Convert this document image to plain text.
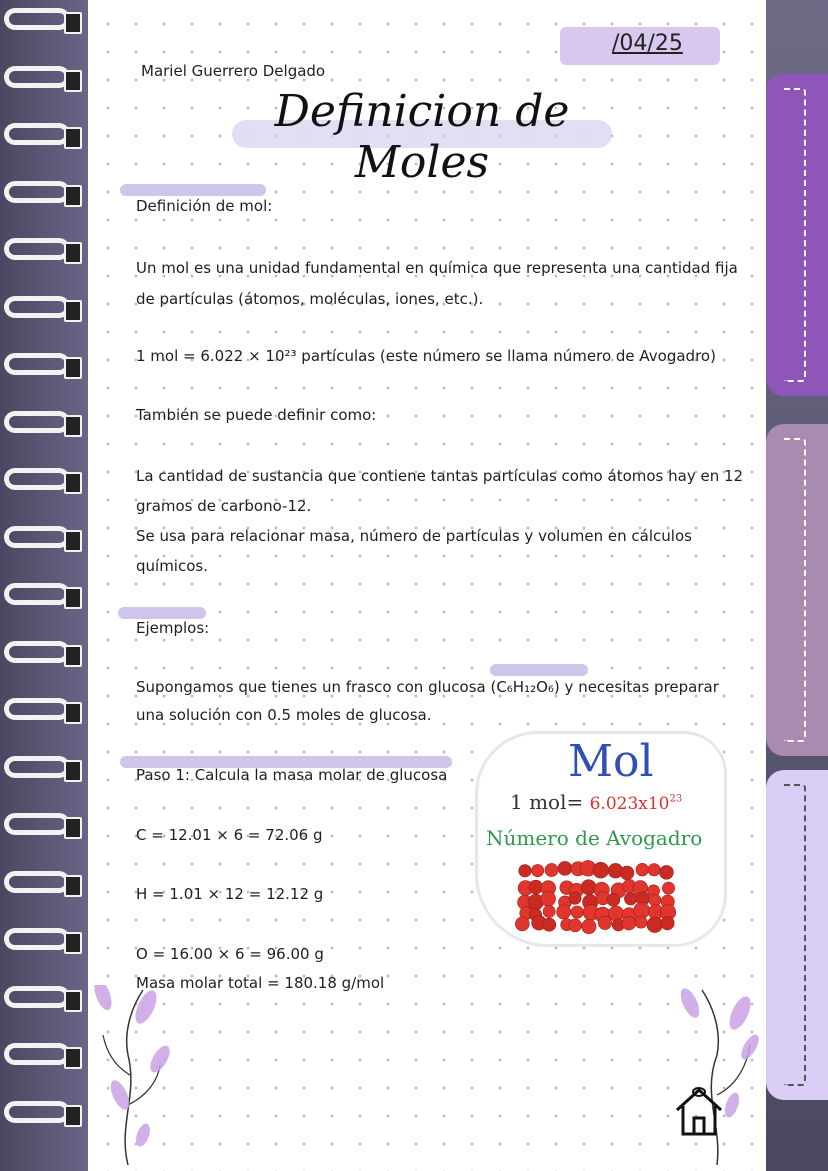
/04/25
Mariel Guerrero Delgado
Definicion de Moles
Definición de mol:
Un mol es una unidad fundamental en química que representa una cantidad fija
de partículas (átomos, moléculas, iones, etc.).
1 mol = 6.022 × 10²³ partículas (este número se llama número de Avogadro)
También se puede definir como:
La cantidad de sustancia que contiene tantas partículas como átomos hay en 12
gramos de carbono-12.
Se usa para relacionar masa, número de partículas y volumen en cálculos
químicos.
Ejemplos:
Supongamos que tienes un frasco con glucosa (C₆H₁₂O₆) y necesitas preparar
una solución con 0.5 moles de glucosa.
Paso 1: Calcula la masa molar de glucosa
C = 12.01 × 6 = 72.06 g
H = 1.01 × 12 = 12.12 g
O = 16.00 × 6 = 96.00 g
Masa molar total = 180.18 g/mol
Mol
1 $mol= 6.023x10^{23}$
Número de Avogadro
